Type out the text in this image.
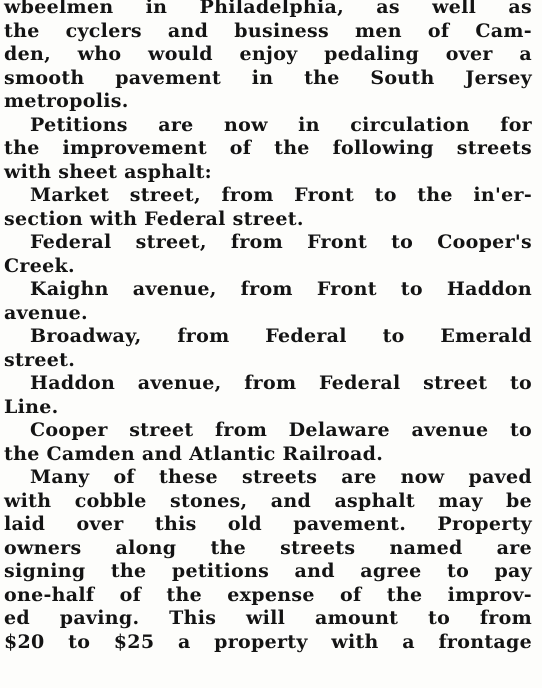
wbeelmen in Philadelphia, as well as
the cyclers and business men of Cam-
den, who would enjoy pedaling over a
smooth pavement in the South Jersey
metropolis.
Petitions are now in circulation for
the improvement of the following streets
with sheet asphalt:
Market street, from Front to the in'er-
section with Federal street.
Federal street, from Front to Cooper's
Creek.
Kaighn avenue, from Front to Haddon
avenue.
Broadway, from Federal to Emerald
street.
Haddon avenue, from Federal street to
Line.
Cooper street from Delaware avenue to
the Camden and Atlantic Railroad.
Many of these streets are now paved
with cobble stones, and asphalt may be
laid over this old pavement. Property
owners along the streets named are
signing the petitions and agree to pay
one-half of the expense of the improv-
ed paving. This will amount to from
$20 to $25 a property with a frontage
